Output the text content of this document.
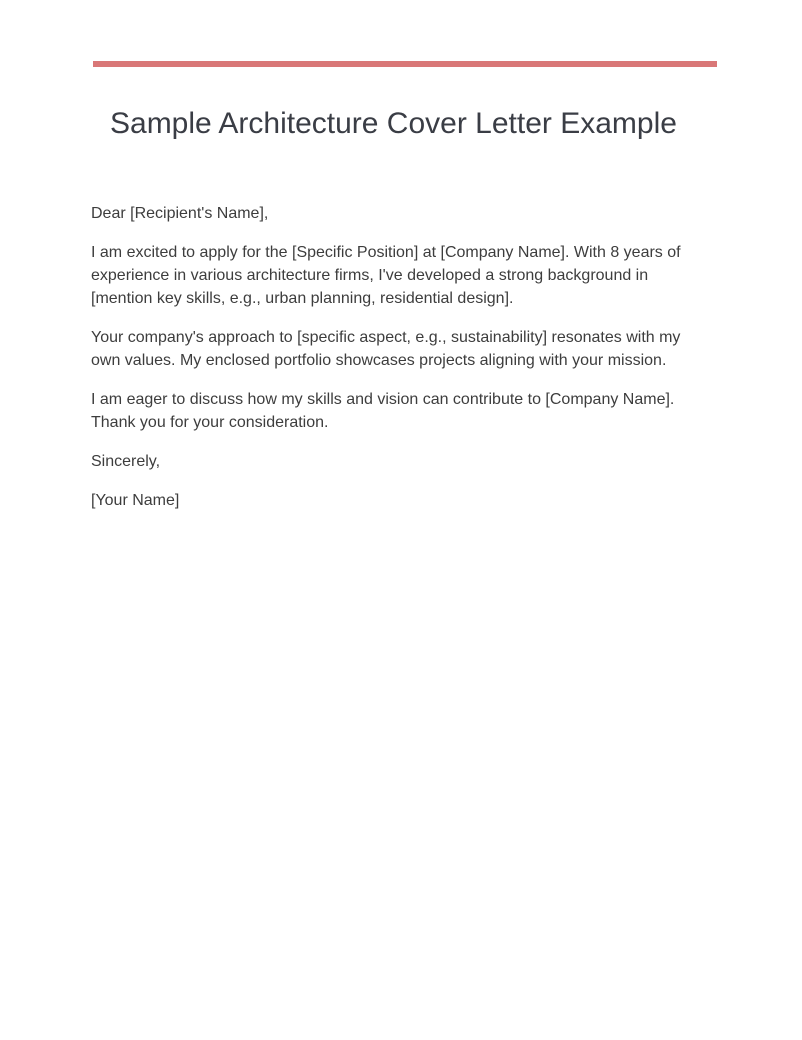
Sample Architecture Cover Letter Example

Dear [Recipient's Name],

I am excited to apply for the [Specific Position] at [Company Name]. With 8 years of experience in various architecture firms, I've developed a strong background in [mention key skills, e.g., urban planning, residential design].

Your company's approach to [specific aspect, e.g., sustainability] resonates with my own values. My enclosed portfolio showcases projects aligning with your mission.

I am eager to discuss how my skills and vision can contribute to [Company Name]. Thank you for your consideration.

Sincerely,

[Your Name]
